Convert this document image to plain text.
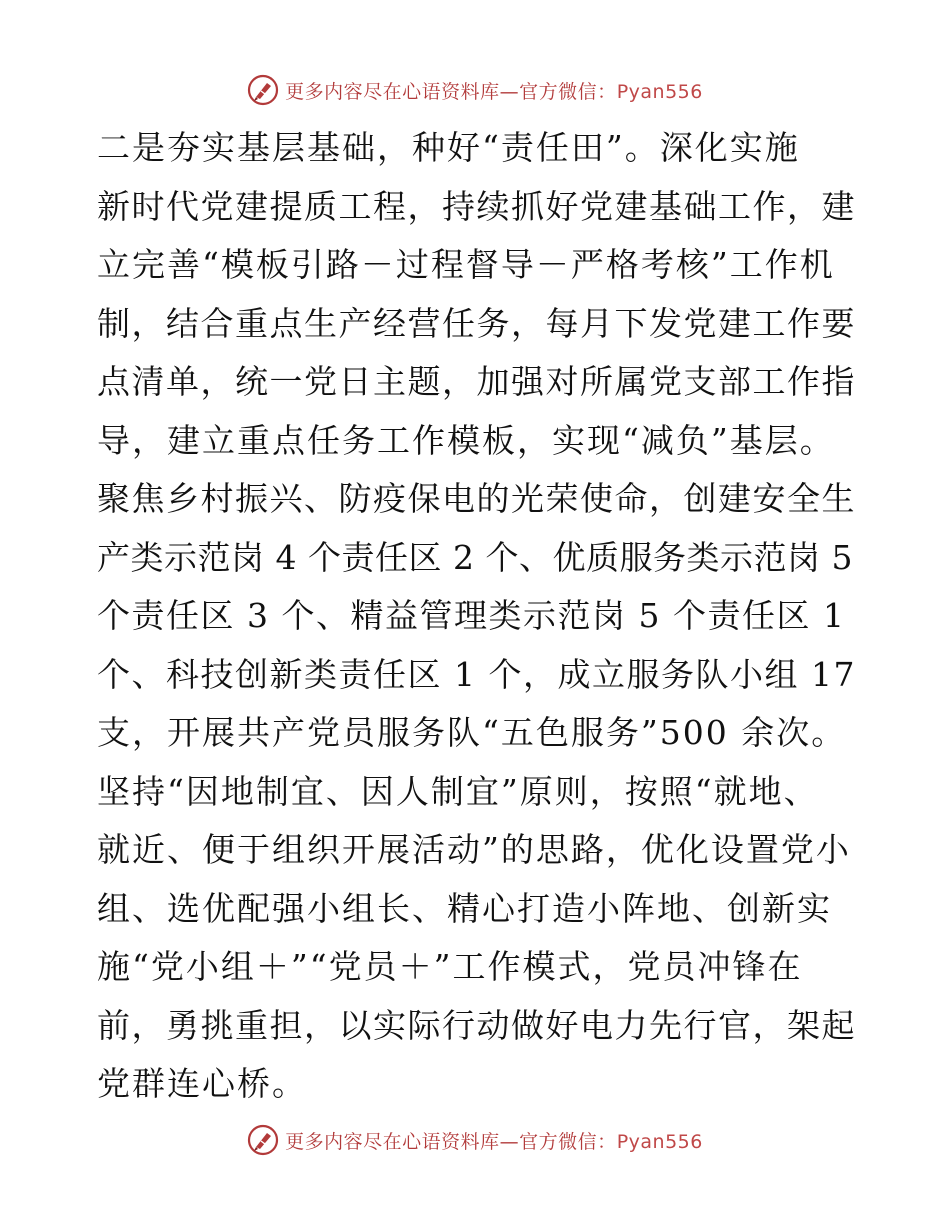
更多内容尽在心语资料库—官方微信：Pyan556
二是夯实基层基础，种好“责任田”。深化实施
新时代党建提质工程，持续抓好党建基础工作，建
立完善“模板引路－过程督导－严格考核”工作机
制，结合重点生产经营任务，每月下发党建工作要
点清单，统一党日主题，加强对所属党支部工作指
导，建立重点任务工作模板，实现“减负”基层。
聚焦乡村振兴、防疫保电的光荣使命，创建安全生
产类示范岗 4 个责任区 2 个、优质服务类示范岗 5
个责任区 3 个、精益管理类示范岗 5 个责任区 1
个、科技创新类责任区 1 个，成立服务队小组 17
支，开展共产党员服务队“五色服务”500 余次。
坚持“因地制宜、因人制宜”原则，按照“就地、
就近、便于组织开展活动”的思路，优化设置党小
组、选优配强小组长、精心打造小阵地、创新实
施“党小组＋”“党员＋”工作模式，党员冲锋在
前，勇挑重担，以实际行动做好电力先行官，架起
党群连心桥。
更多内容尽在心语资料库—官方微信：Pyan556
